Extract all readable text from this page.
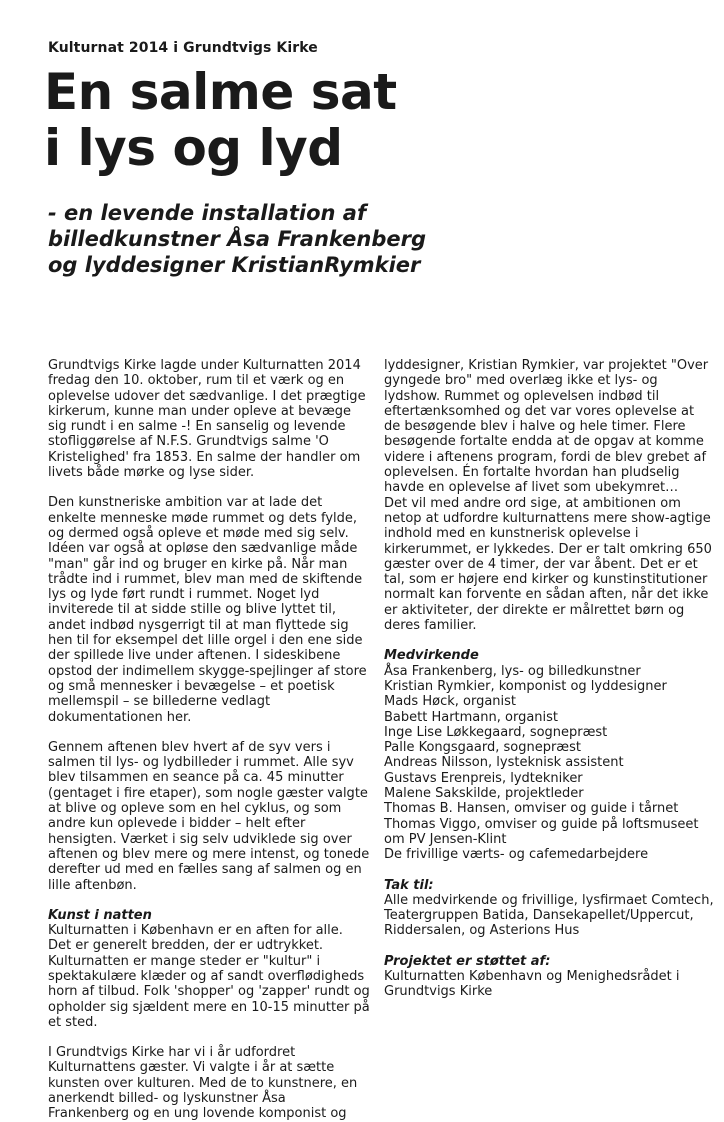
Kulturnat 2014 i Grundtvigs Kirke
En salme sat
i lys og lyd
- en levende installation af
billedkunstner Åsa Frankenberg
og lyddesigner KristianRymkier

Grundtvigs Kirke lagde under Kulturnatten 2014 fredag den 10. oktober, rum til et værk og en oplevelse udover det sædvanlige. I det prægtige kirkerum, kunne man under opleve at bevæge sig rundt i en salme -! En sanselig og levende stofliggørelse af N.F.S. Grundtvigs salme 'O Kristelighed' fra 1853. En salme der handler om livets både mørke og lyse sider.

Den kunstneriske ambition var at lade det enkelte menneske møde rummet og dets fylde, og dermed også opleve et møde med sig selv. Idéen var også at opløse den sædvanlige måde "man" går ind og bruger en kirke på. Når man trådte ind i rummet, blev man med de skiftende lys og lyde ført rundt i rummet. Noget lyd inviterede til at sidde stille og blive lyttet til, andet indbød nysgerrigt til at man flyttede sig hen til for eksempel det lille orgel i den ene side der spillede live under aftenen. I sideskibene opstod der indimellem skygge-spejlinger af store og små mennesker i bevægelse – et poetisk mellemspil – se billederne vedlagt dokumentationen her.

Gennem aftenen blev hvert af de syv vers i salmen til lys- og lydbilleder i rummet. Alle syv blev tilsammen en seance på ca. 45 minutter (gentaget i fire etaper), som nogle gæster valgte at blive og opleve som en hel cyklus, og som andre kun oplevede i bidder – helt efter hensigten. Værket i sig selv udviklede sig over aftenen og blev mere og mere intenst, og tonede derefter ud med en fælles sang af salmen og en lille aftenbøn.

Kunst i natten

Kulturnatten i København er en aften for alle. Det er generelt bredden, der er udtrykket. Kulturnatten er mange steder er "kultur" i spektakulære klæder og af sandt overflødigheds horn af tilbud. Folk 'shopper' og 'zapper' rundt og opholder sig sjældent mere en 10-15 minutter på et sted.

I Grundtvigs Kirke har vi i år udfordret Kulturnattens gæster. Vi valgte i år at sætte kunsten over kulturen. Med de to kunstnere, en anerkendt billed- og lyskunstner Åsa Frankenberg og en ung lovende komponist og

lyddesigner, Kristian Rymkier, var projektet "Over gyngede bro" med overlæg ikke et lys- og lydshow. Rummet og oplevelsen indbød til eftertænksomhed og det var vores oplevelse at de besøgende blev i halve og hele timer. Flere besøgende fortalte endda at de opgav at komme videre i aftenens program, fordi de blev grebet af oplevelsen. Én fortalte hvordan han pludselig havde en oplevelse af livet som ubekymret…

Det vil med andre ord sige, at ambitionen om netop at udfordre kulturnattens mere show-agtige indhold med en kunstnerisk oplevelse i kirkerummet, er lykkedes. Der er talt omkring 650 gæster over de 4 timer, der var åbent. Det er et tal, som er højere end kirker og kunstinstitutioner normalt kan forvente en sådan aften, når det ikke er aktiviteter, der direkte er målrettet børn og deres familier.

Medvirkende

Åsa Frankenberg, lys- og billedkunstner
Kristian Rymkier, komponist og lyddesigner
Mads Høck, organist
Babett Hartmann, organist
Inge Lise Løkkegaard, sognepræst
Palle Kongsgaard, sognepræst
Andreas Nilsson, lysteknisk assistent
Gustavs Erenpreis, lydtekniker
Malene Sakskilde, projektleder
Thomas B. Hansen, omviser og guide i tårnet
Thomas Viggo, omviser og guide på loftsmuseet om PV Jensen-Klint
De frivillige værts- og cafemedarbejdere

Tak til:

Alle medvirkende og frivillige, lysfirmaet Comtech, Teatergruppen Batida, Dansekapellet/Uppercut, Riddersalen, og Asterions Hus

Projektet er støttet af:

Kulturnatten København og Menighedsrådet i Grundtvigs Kirke
